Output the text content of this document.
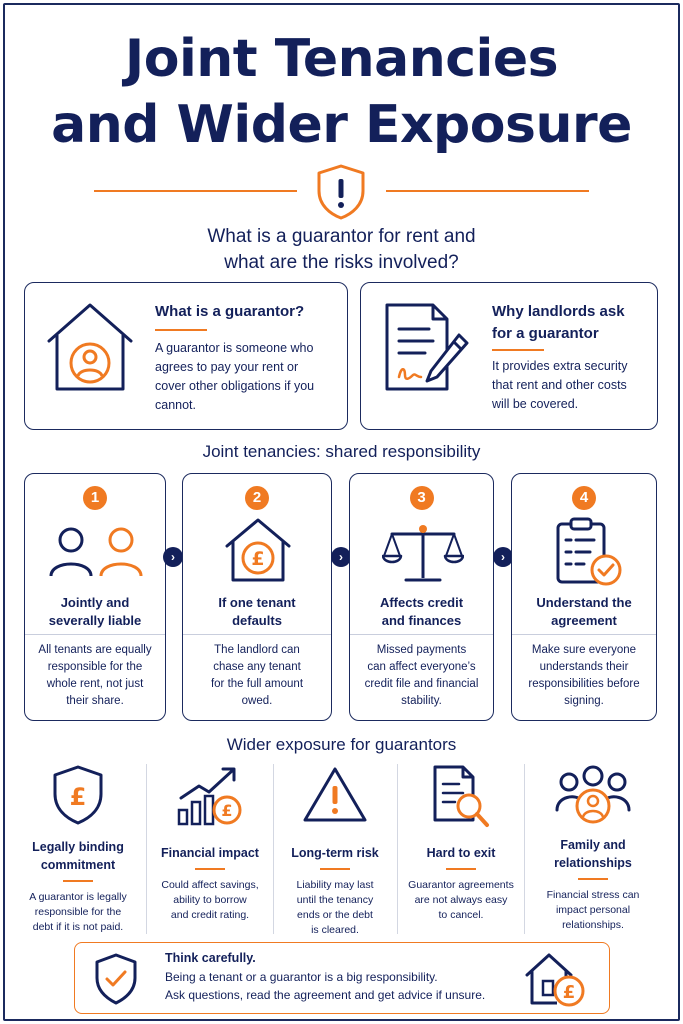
Joint Tenancies
and Wider Exposure
What is a guarantor for rent and
what are the risks involved?
What is a guarantor?
A guarantor is someone who
agrees to pay your rent or
cover other obligations if you
cannot.
Why landlords ask
for a guarantor
It provides extra security
that rent and other costs
will be covered.
Joint tenancies: shared responsibility
1
Jointly and
severally liable
All tenants are equally
responsible for the
whole rent, not just
their share.
›
2
£
If one tenant
defaults
The landlord can
chase any tenant
for the full amount
owed.
›
3
Affects credit
and finances
Missed payments
can affect everyone’s
credit file and financial
stability.
›
4
Understand the
agreement
Make sure everyone
understands their
responsibilities before
signing.
Wider exposure for guarantors
£
Legally binding
commitment
A guarantor is legally
responsible for the
debt if it is not paid.
£
Financial impact
Could affect savings,
ability to borrow
and credit rating.
Long-term risk
Liability may last
until the tenancy
ends or the debt
is cleared.
Hard to exit
Guarantor agreements
are not always easy
to cancel.
Family and
relationships
Financial stress can
impact personal
relationships.
Think carefully.
Being a tenant or a guarantor is a big responsibility.
Ask questions, read the agreement and get advice if unsure.	£
